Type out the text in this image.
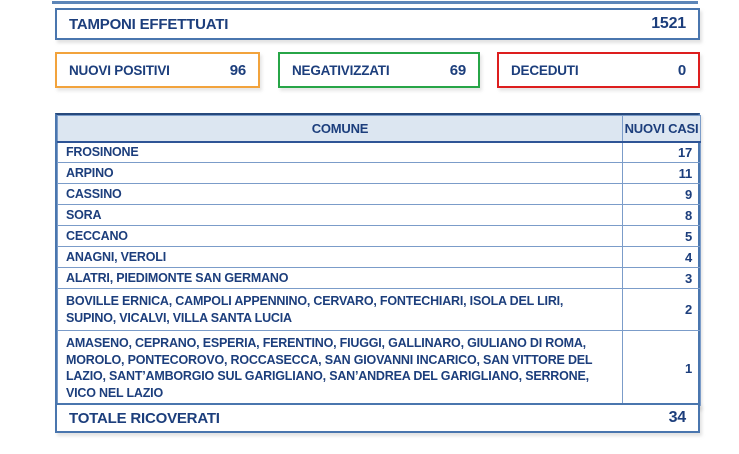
TAMPONI EFFETTUATI	1521
NUOVI POSITIVI	96	NEGATIVIZZATI	69	DECEDUTI	0
COMUNE	NUOVI CASI
FROSINONE	17
ARPINO	11
CASSINO	9
SORA	8
CECCANO	5
ANAGNI, VEROLI	4
ALATRI, PIEDIMONTE SAN GERMANO	3
BOVILLE ERNICA, CAMPOLI APPENNINO, CERVARO, FONTECHIARI, ISOLA DEL LIRI, SUPINO, VICALVI, VILLA SANTA LUCIA	2
AMASENO, CEPRANO, ESPERIA, FERENTINO, FIUGGI, GALLINARO, GIULIANO DI ROMA, MOROLO, PONTECOROVO, ROCCASECCA, SAN GIOVANNI INCARICO, SAN VITTORE DEL LAZIO, SANT’AMBORGIO SUL GARIGLIANO, SAN’ANDREA DEL GARIGLIANO, SERRONE, VICO NEL LAZIO	1
TOTALE RICOVERATI	34
